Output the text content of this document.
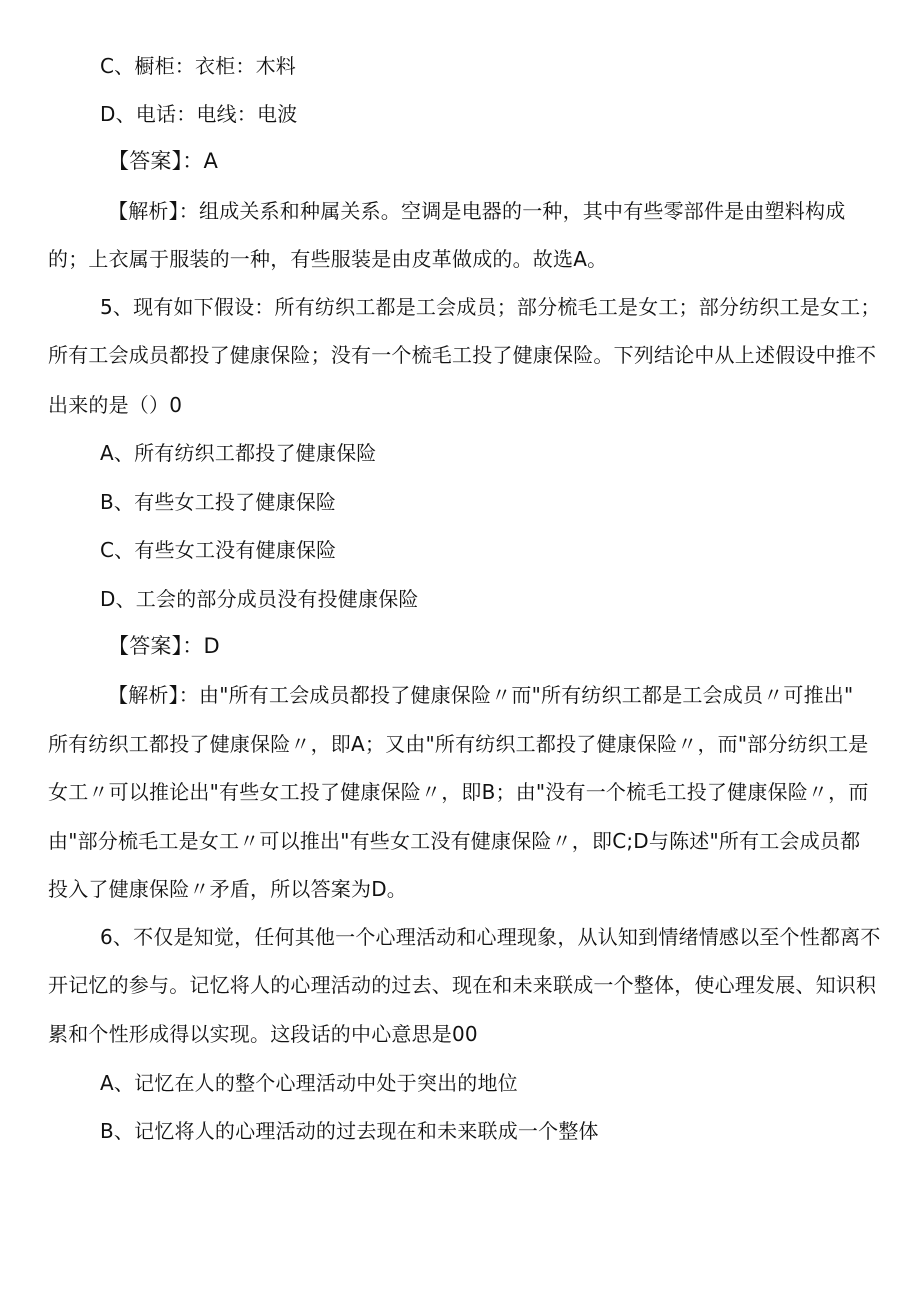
C、橱柜：衣柜：木料
D、电话：电线：电波
【答案】：A
【解析】：组成关系和种属关系。空调是电器的一种，其中有些零部件是由塑料构成
的；上衣属于服装的一种，有些服装是由皮革做成的。故选A。
5、现有如下假设：所有纺织工都是工会成员；部分梳毛工是女工；部分纺织工是女工；
所有工会成员都投了健康保险；没有一个梳毛工投了健康保险。下列结论中从上述假设中推不
出来的是（）0
A、所有纺织工都投了健康保险
B、有些女工投了健康保险
C、有些女工没有健康保险
D、工会的部分成员没有投健康保险
【答案】：D
【解析】：由"所有工会成员都投了健康保险〃而"所有纺织工都是工会成员〃可推出"
所有纺织工都投了健康保险〃，即A；又由"所有纺织工都投了健康保险〃，而"部分纺织工是
女工〃可以推论出"有些女工投了健康保险〃，即B；由"没有一个梳毛工投了健康保险〃，而
由"部分梳毛工是女工〃可以推出"有些女工没有健康保险〃，即C;D与陈述"所有工会成员都
投入了健康保险〃矛盾，所以答案为D。
6、不仅是知觉，任何其他一个心理活动和心理现象，从认知到情绪情感以至个性都离不
开记忆的参与。记忆将人的心理活动的过去、现在和未来联成一个整体，使心理发展、知识积
累和个性形成得以实现。这段话的中心意思是00
A、记忆在人的整个心理活动中处于突出的地位
B、记忆将人的心理活动的过去现在和未来联成一个整体
